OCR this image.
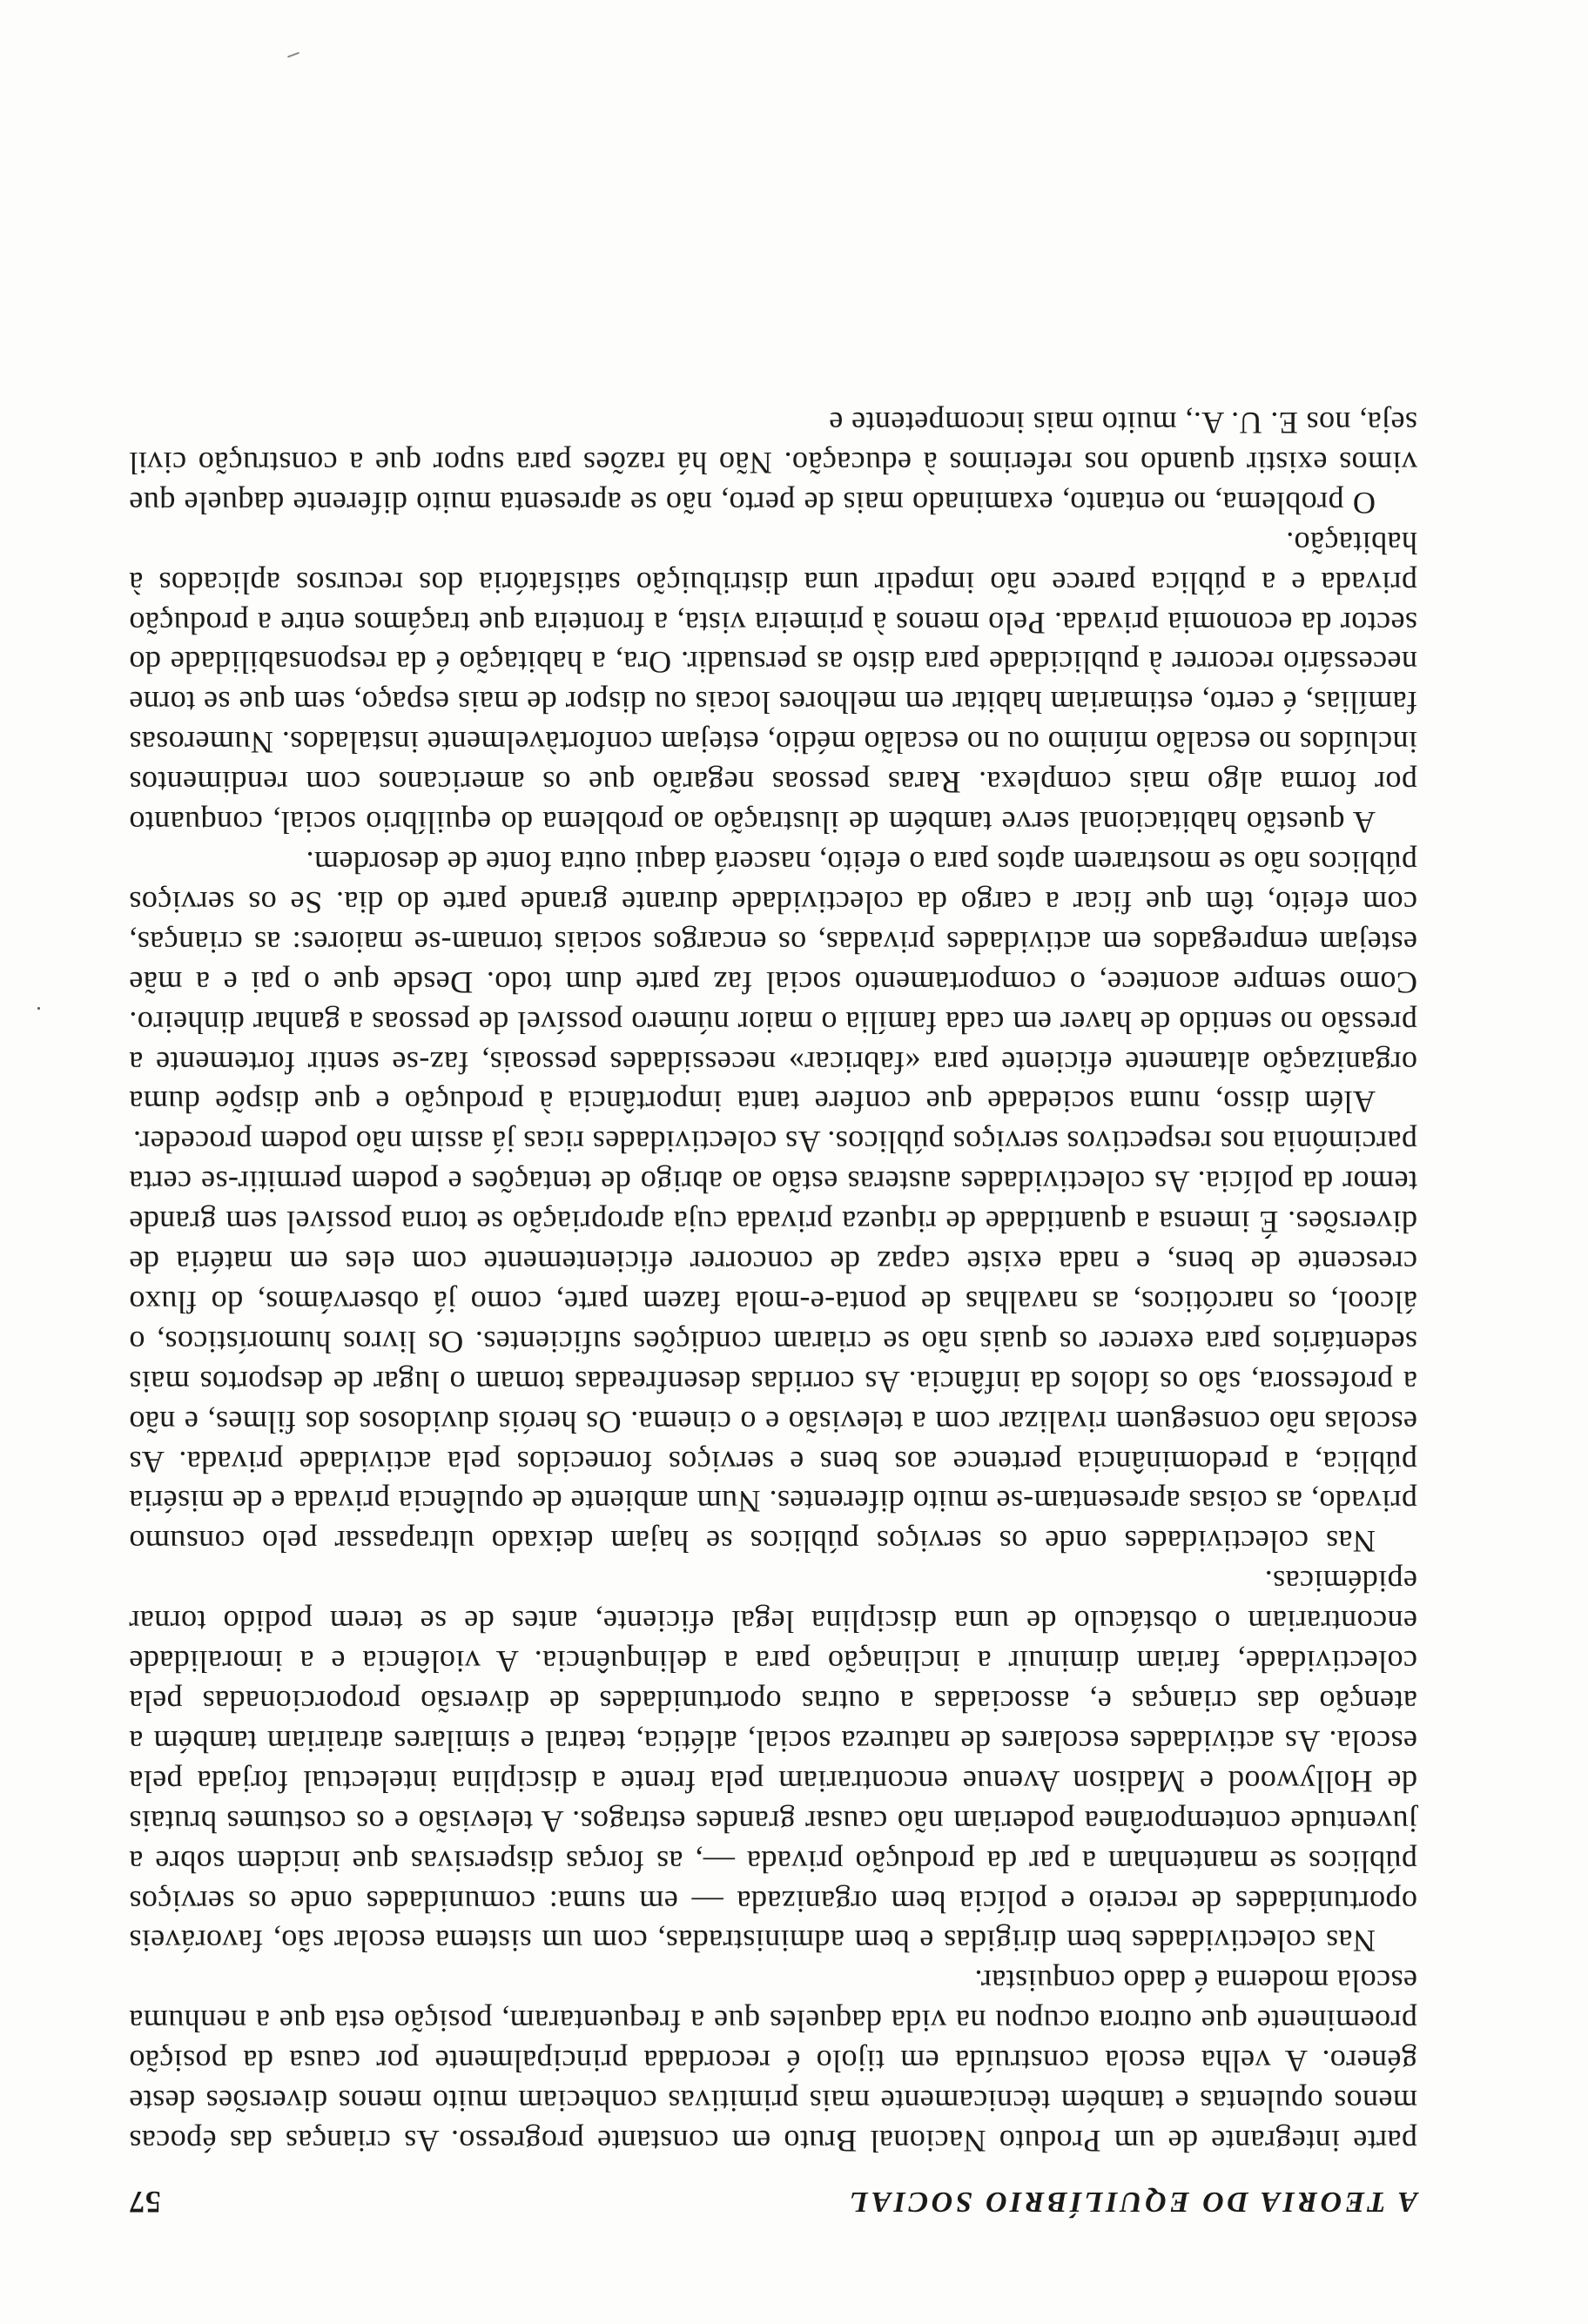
A TEORIA DO EQUILÍBRIO SOCIAL
57

parte integrante de um Produto Nacional Bruto em constante progresso. As crianças das épocas menos opulentas e também tècnicamente mais primitivas conheciam muito menos diversões deste género. A velha escola construída em tijolo é recordada principalmente por causa da posição proeminente que outrora ocupou na vida daqueles que a frequentaram, posição esta que a nenhuma escola moderna é dado conquistar.

Nas colectividades bem dirigidas e bem administradas, com um sistema escolar são, favoráveis oportunidades de recreio e polícia bem organizada — em suma: comunidades onde os serviços públicos se mantenham a par da produção privada —, as forças dispersivas que incidem sobre a juventude contemporânea poderiam não causar grandes estragos. A televisão e os costumes brutais de Hollywood e Madison Avenue encontrariam pela frente a disciplina intelectual forjada pela escola. As actividades escolares de natureza social, atlética, teatral e similares atrairiam também a atenção das crianças e, associadas a outras oportunidades de diversão proporcionadas pela colectividade, fariam diminuir a inclinação para a delinquência. A violência e a imoralidade encontrariam o obstáculo de uma disciplina legal eficiente, antes de se terem podido tornar epidémicas.

Nas colectividades onde os serviços públicos se hajam deixado ultrapassar pelo consumo privado, as coisas apresentam-se muito diferentes. Num ambiente de opulência privada e de miséria pública, a predominância pertence aos bens e serviços fornecidos pela actividade privada. As escolas não conseguem rivalizar com a televisão e o cinema. Os heróis duvidosos dos filmes, e não a professora, são os ídolos da infância. As corridas desenfreadas tomam o lugar de desportos mais sedentários para exercer os quais não se criaram condições suficientes. Os livros humorísticos, o álcool, os narcóticos, as navalhas de ponta-e-mola fazem parte, como já observámos, do fluxo crescente de bens, e nada existe capaz de concorrer eficientemente com eles em matéria de diversões. É imensa a quantidade de riqueza privada cuja apropriação se torna possível sem grande temor da polícia. As colectividades austeras estão ao abrigo de tentações e podem permitir-se certa parcimónia nos respectivos serviços públicos. As colectividades ricas já assim não podem proceder.

Além disso, numa sociedade que confere tanta importância à produção e que dispõe duma organização altamente eficiente para «fabricar» necessidades pessoais, faz-se sentir fortemente a pressão no sentido de haver em cada família o maior número possível de pessoas a ganhar dinheiro. Como sempre acontece, o comportamento social faz parte dum todo. Desde que o pai e a mãe estejam empregados em actividades privadas, os encargos sociais tornam-se maiores: as crianças, com efeito, têm que ficar a cargo da colectividade durante grande parte do dia. Se os serviços públicos não se mostrarem aptos para o efeito, nascerá daqui outra fonte de desordem.

A questão habitacional serve também de ilustração ao problema do equilíbrio social, conquanto por forma algo mais complexa. Raras pessoas negarão que os americanos com rendimentos incluídos no escalão mínimo ou no escalão médio, estejam confortàvelmente instalados. Numerosas famílias, é certo, estimariam habitar em melhores locais ou dispor de mais espaço, sem que se torne necessário recorrer à publicidade para disto as persuadir. Ora, a habitação é da responsabilidade do sector da economia privada. Pelo menos à primeira vista, a fronteira que traçámos entre a produção privada e a pública parece não impedir uma distribuição satisfatória dos recursos aplicados à habitação.

O problema, no entanto, examinado mais de perto, não se apresenta muito diferente daquele que vimos existir quando nos referimos à educação. Não há razões para supor que a construção civil seja, nos E. U. A., muito mais incompetente e
